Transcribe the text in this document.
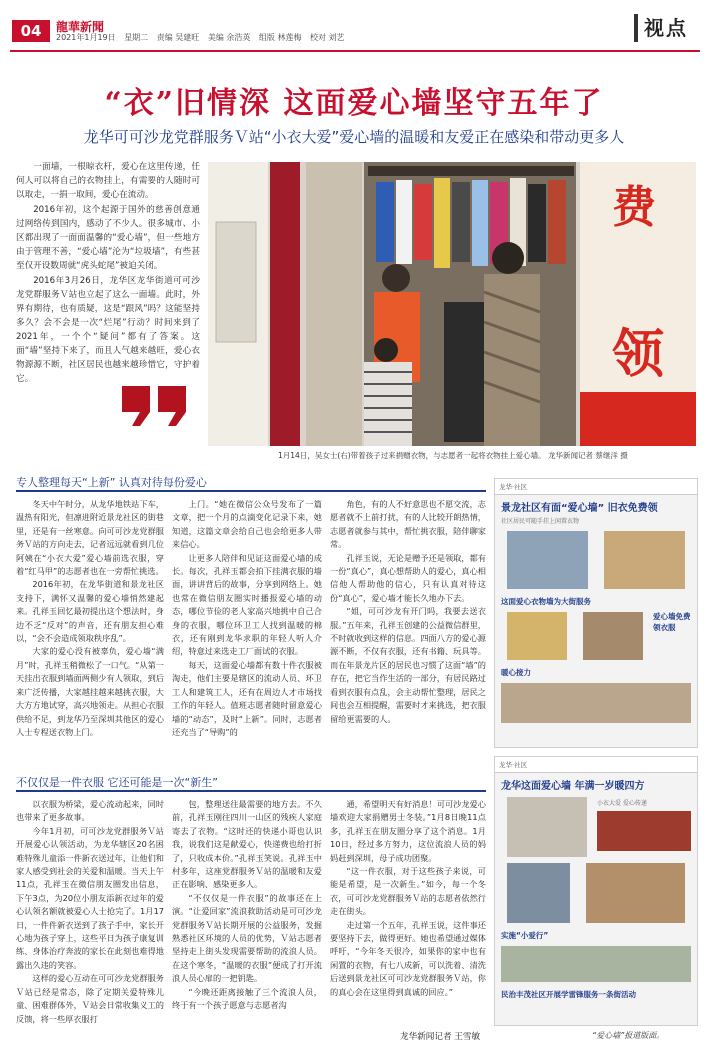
04	龍華新聞
2021年1月19日 星期二 责编 吴建旺 美编 余浩英 组版 林莲梅 校对 刘艺	视点
“衣”旧情深 这面爱心墙坚守五年了
龙华可可沙龙党群服务Ｖ站“小衣大爱”爱心墙的温暖和友爱正在感染和带动更多人

一面墙，一根晾衣杆，爱心在这里传递，任何人可以将自己的衣物挂上，有需要的人随时可以取走，一捐一取间，爱心在流动。

2016年初，这个起源于国外的慈善创意通过网络传到国内，感动了不少人。很多城市、小区都出现了一面面温馨的“爱心墙”，但一些地方由于管理不善，“爱心墙”沦为“垃圾墙”，有些甚至仅开设数周就“虎头蛇尾”被迫关闭。

2016年3月26日，龙华区龙华街道可可沙龙党群服务Ｖ站也立起了这么一面墙。此时，外界有期待，也有质疑，这是“跟风”吗？这能坚持多久？会不会是一次“烂尾”行动？时间来到了2021年，一个个“疑问”都有了答案。这面“墙”坚持下来了，而且人气越来越旺，爱心衣物源源不断，社区居民也越来越珍惜它，守护着它。

费
领
1月14日，吴女士(右)带着孩子过来捐赠衣物，与志愿者一起将衣物挂上爱心墙。 龙华新闻记者 蔡继洋 摄
专人整理每天“上新” 认真对待每份爱心

冬天中午时分，从龙华地铁站下车，温热有阳光，但凛进附近景龙社区的街巷里，还是有一丝寒意。向可可沙龙党群服务Ｖ站的方向走去，记者远远就看到几位阿姨在“小衣大爱”爱心墙前选衣服，穿着“红马甲”的志愿者也在一旁帮忙挑选。

2016年初，在龙华街道和景龙社区支持下，满怀又温馨的爱心墙悄然建起来。孔祥玉回忆最初提出这个想法时，身边不乏“反对”的声音，还有朋友担心难以，“会不会造成领取秩序乱”。

大家的爱心没有被辜负，爱心墙“满月”时，孔祥玉稍微松了一口气。“从第一天挂出衣服到墙面两侧少有人领取，到后来广泛传播，大家越挂越来越挑衣服，大大方方地试穿，高兴地领走。从担心衣服供给不足，到龙华乃至深圳其他区的爱心人士专程送衣物上门。

上门。“她在微信公众号发布了一篇文章，把一个月的点滴变化记录下来，她知道，这篇文章会给自己也会给更多人带来信心。

让更多人陪伴和见证这面爱心墙的成长。每次，孔祥玉都会拍下挂满衣服的墙面，讲讲背后的故事，分享到网络上。她也常在微信朋友圈实时播报爱心墙的动态，哪位节俭的老人家高兴地挑中自己合身的衣服，哪位环卫工人找到温暖的棉衣，还有刚到龙华求职的年轻人听人介绍，特意过来选走工厂面试的衣服。

每天，这面爱心墙都有数十件衣服被淘走，他们主要是辖区的流动人员、环卫工人和建筑工人，还有在周边人才市场找工作的年轻人。值班志愿者随时留意爱心墙的“动态”，及时“上新”。同时，志愿者还充当了“导购”的

角色，有的人不好意思也不愿交流，志愿者就不上前打扰，有的人比较开朗热情，志愿者就参与其中，帮忙挑衣服，陪伴聊家常。

孔祥玉说，无论是赠予还是领取，都有一份“真心”，真心想帮助人的爱心，真心相信他人帮助他的信心，只有认真对待这份“真心”，爱心墙才能长久地办下去。

“姐，可可沙龙有开门吗，我要去送衣服。”五年来，孔祥玉创建的公益微信群里，不时就收到这样的信息。四面八方的爱心源源不断，不仅有衣服，还有书籍、玩具等。而在年景龙片区的居民也习惯了这面“墙”的存在，把它当作生活的一部分，有居民路过看到衣服有点乱，会主动帮忙整理，居民之间也会互相提醒，需要时才来挑选，把衣服留给更需要的人。

不仅仅是一件衣服 它还可能是一次“新生”

以衣服为桥梁，爱心流动起来，同时也带来了更多故事。

今年1月初，可可沙龙党群服务Ｖ站开展爱心认领活动，为龙华辖区20名困难特殊儿童添一件新衣送过年，让他们和家人感受到社会的关爱和温暖。当天上午11点，孔祥玉在微信朋友圈发出信息，下午3点，为20位小朋友添新衣过年的爱心认领名额就被爱心人士抢完了。1月17日，一件件新衣送到了孩子手中，家长开心地为孩子穿上，这些平日为孩子康复训练、身体治疗奔波的家长在此刻也难得地露出久违的笑容。

这样的爱心互动在可可沙龙党群服务Ｖ站已经是常态，除了定期关爱特殊儿童、困难群体外，Ｖ站会日常收集义工的反馈，将一些厚衣服打

包，整理送往最需要的地方去。不久前，孔祥玉刚往四川一山区的残疾人家庭寄去了衣物。“这时还的快递小哥也认识我，说我们这是献爱心，快递费也给打折了，只收成本价。”孔祥玉笑说。孔祥玉中村多年，这座党群服务Ｖ站的温暖和友爱正在影响、感染更多人。

“不仅仅是一件衣服”的故事还在上演。“让爱回家”流浪救助活动是可可沙龙党群服务Ｖ站长期开展的公益服务，发掘熟悉社区环境的人员的优势，Ｖ站志愿者坚持走上街头发现需要帮助的流浪人员。在这个寒冬，“温暖的衣服”便成了打开流浪人员心扉的一把钥匙。

“今晚还距离接触了三个流浪人员，终于有一个孩子愿意与志愿者沟

通，希望明天有好消息！可可沙龙爱心墙欢迎大家捐赠男士冬装。”1月8日晚11点多，孔祥玉在朋友圈分享了这个消息。1月10日，经过多方努力，这位流浪人员的妈妈赶到深圳，母子成功团聚。

“这一件衣服，对于这些孩子来说，可能是希望，是一次新生。”如今，每一个冬衣，可可沙龙党群服务Ｖ站的志愿者依然行走在街头。

走过第一个五年，孔祥玉说，这件事还要坚持下去，做得更好。她也希望通过媒体呼吁，“今年冬天很冷，如果你的家中也有闲置的衣物，有七八成新，可以洗着、清洗后送到景龙社区可可沙龙党群服务Ｖ站，你的真心会在这里得到真诚的回应。”

龙华新闻记者 王雪敏
龙华·社区
景龙社区有面“爱心墙” 旧衣免费领
社区居民可随手挂上闲置衣物
这面爱心衣物墙为大街服务
爱心墙免费领衣服
暖心接力
龙华·社区
龙华这面爱心墙 年满一岁暖四方
小衣大爱 爱心传递
实施“小爱行”
民治丰茂社区开展学雷锋服务一条街活动
“爱心墙”报道版面。
